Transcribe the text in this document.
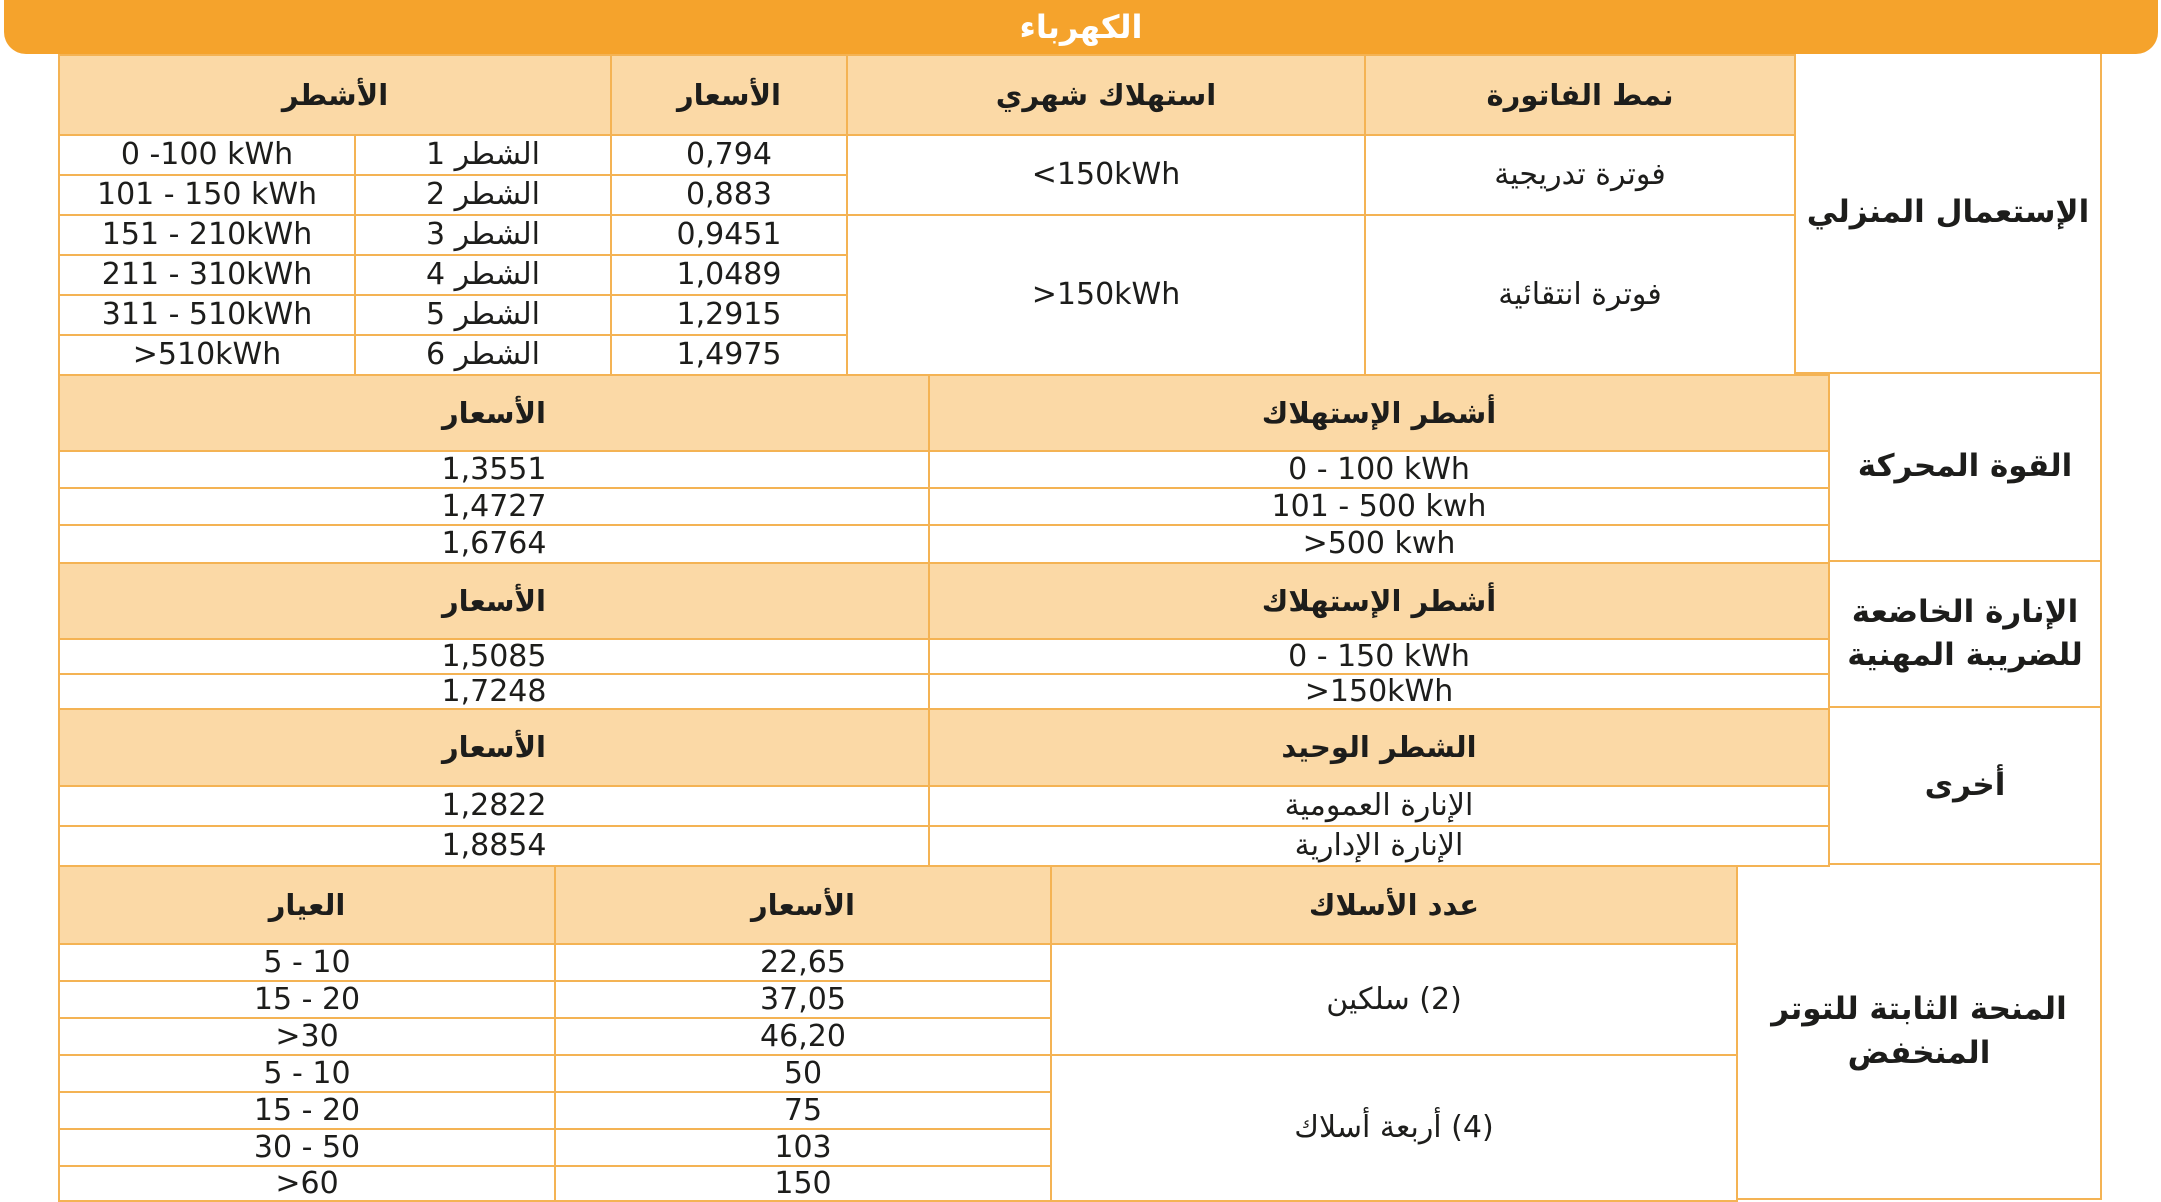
الكهرباء
الأشطر		الأسعار	استهلاك شهري	نمط الفاتورة
0 -100 kWh	الشطر 1	0,794	<150kWh	فوترة تدريجية
101 - 150 kWh	الشطر 2	0,883		
151 - 210kWh	الشطر 3	0,9451	>150kWh	فوترة انتقائية
211 - 310kWh	الشطر 4	1,0489		
311 - 510kWh	الشطر 5	1,2915		
>510kWh	الشطر 6	1,4975		
الإستعمال المنزلي
الأسعار	أشطر الإستهلاك
1,3551	0 - 100 kWh
1,4727	101 - 500 kwh
1,6764	>500 kwh
القوة المحركة
الأسعار	أشطر الإستهلاك
1,5085	0 - 150 kWh
1,7248	>150kWh
الإنارة الخاضعة
للضريبة المهنية
الأسعار	الشطر الوحيد
1,2822	الإنارة العمومية
1,8854	الإنارة الإدارية
أخرى
العيار	الأسعار	عدد الأسلاك
5 - 10	22,65	(2) سلكين
15 - 20	37,05	
>30	46,20	
5 - 10	50	(4) أربعة أسلاك
15 - 20	75	
30 - 50	103	
>60	150	
المنحة الثابتة للتوتر
المنخفض
